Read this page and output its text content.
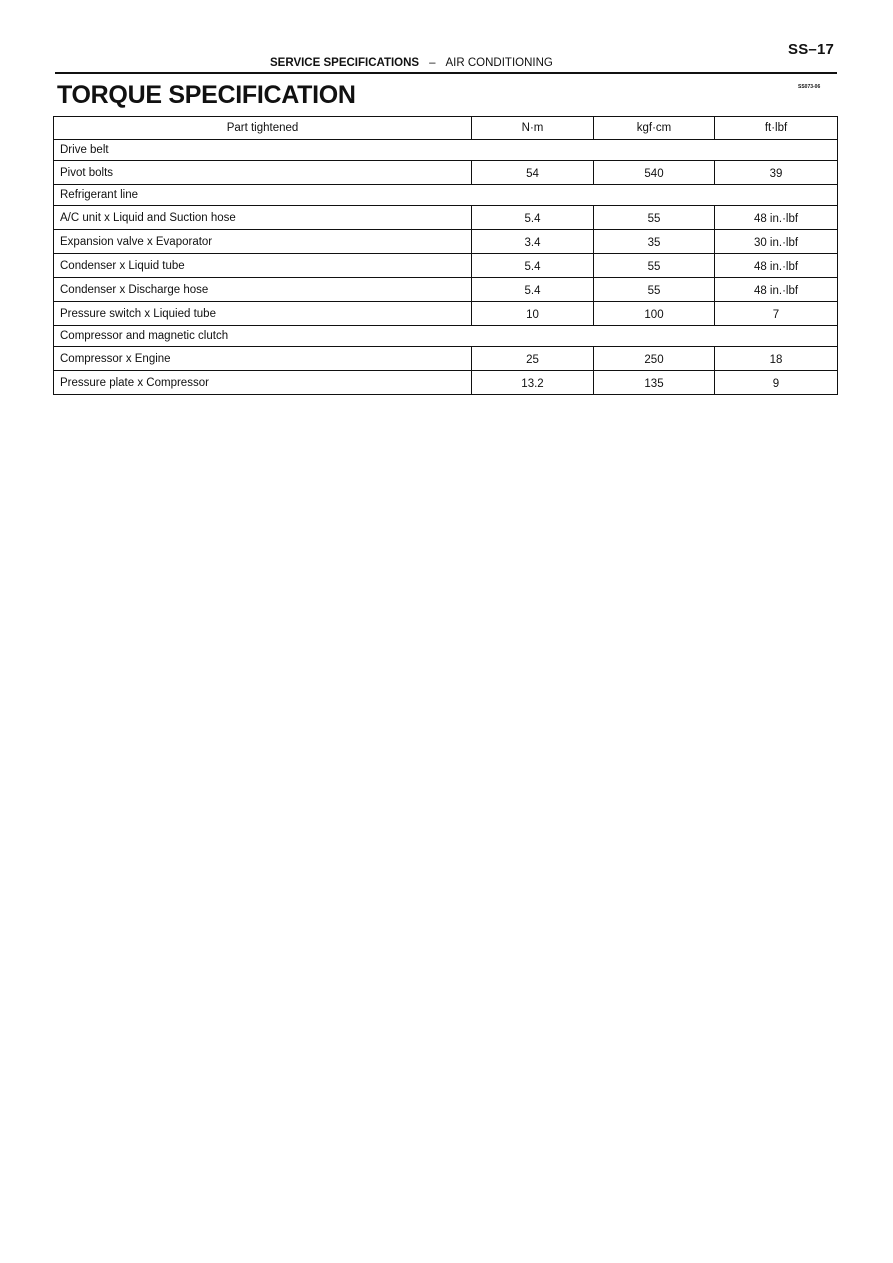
SS–17
SERVICE SPECIFICATIONS – AIR CONDITIONING
TORQUE SPECIFICATION	SS073-06
Part tightened	N·m	kgf·cm	ft·lbf
Drive belt			
Pivot bolts	54	540	39
Refrigerant line			
A/C unit x Liquid and Suction hose	5.4	55	48 in.·lbf
Expansion valve x Evaporator	3.4	35	30 in.·lbf
Condenser x Liquid tube	5.4	55	48 in.·lbf
Condenser x Discharge hose	5.4	55	48 in.·lbf
Pressure switch x Liquied tube	10	100	7
Compressor and magnetic clutch			
Compressor x Engine	25	250	18
Pressure plate x Compressor	13.2	135	9
